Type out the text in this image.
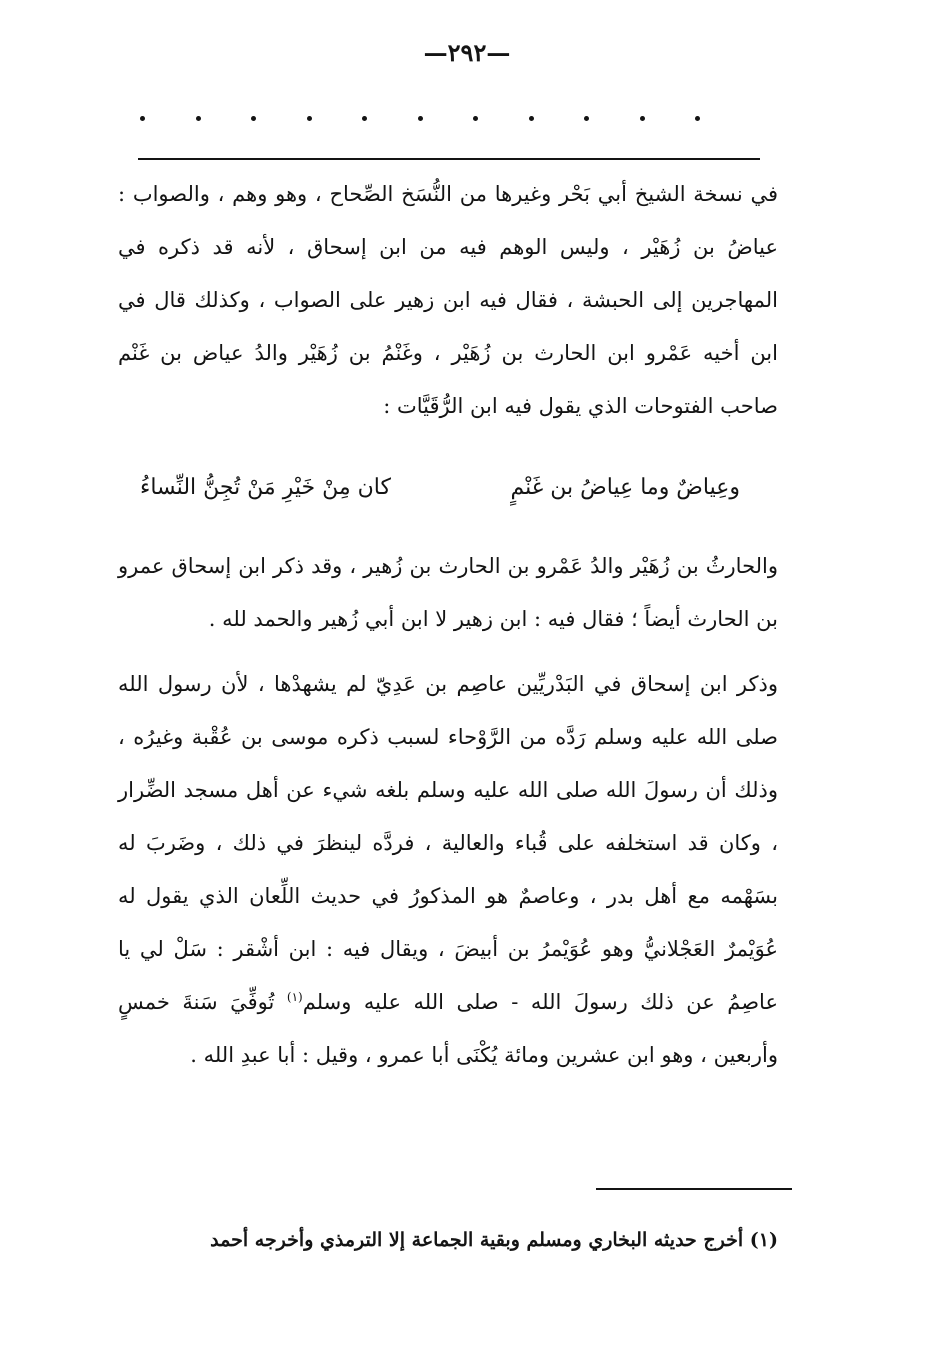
—٢٩٢—

في نسخة الشيخ أبي بَحْر وغيرها من النُّسَخ الصِّحاح ، وهو وهم ، والصواب : عياضُ بن زُهَيْر ، وليس الوهم فيه من ابن إسحاق ، لأنه قد ذكره في المهاجرين إلى الحبشة ، فقال فيه ابن زهير على الصواب ، وكذلك قال في ابن أخيه عَمْرو ابن الحارث بن زُهَيْر ، وغَنْمُ بن زُهَيْر والدُ عياض بن غَنْم صاحب الفتوحات الذي يقول فيه ابن الرُّقَيَّات :

وعِياضٌ وما عِياضُ بن غَنْمٍ
كان مِنْ خَيْرِ مَنْ تُجِنُّ النِّساءُ

والحارثُ بن زُهَيْر والدُ عَمْرو بن الحارث بن زُهير ، وقد ذكر ابن إسحاق عمرو بن الحارث أيضاً ؛ فقال فيه : ابن زهير لا ابن أبي زُهير والحمد لله .

وذكر ابن إسحاق في البَدْريِّين عاصِم بن عَدِيّ لم يشهدْها ، لأن رسول الله صلى الله عليه وسلم رَدَّه من الرَّوْحاء لسبب ذكره موسى بن عُقْبة وغيرُه ، وذلك أن رسولَ الله صلى الله عليه وسلم بلغه شيء عن أهل مسجد الضِّرار ، وكان قد استخلفه على قُباء والعالية ، فردَّه لينظرَ في ذلك ، وضَربَ له بسَهْمه مع أهل بدر ، وعاصمٌ هو المذكورُ في حديث اللِّعان الذي يقول له عُوَيْمرٌ العَجْلانيُّ وهو عُوَيْمرُ بن أبيضَ ، ويقال فيه : ابن أشْقر : سَلْ لي يا عاصِمُ عن ذلك رسولَ الله - صلى الله عليه وسلم$^{(١)}$ تُوفِّيَ سَنةَ خمسٍ وأربعين ، وهو ابن عشرين ومائة يُكْنَى أبا عمرو ، وقيل : أبا عبدِ الله .

(١) أخرج حديثه البخاري ومسلم وبقية الجماعة إلا الترمذي وأخرجه أحمد
